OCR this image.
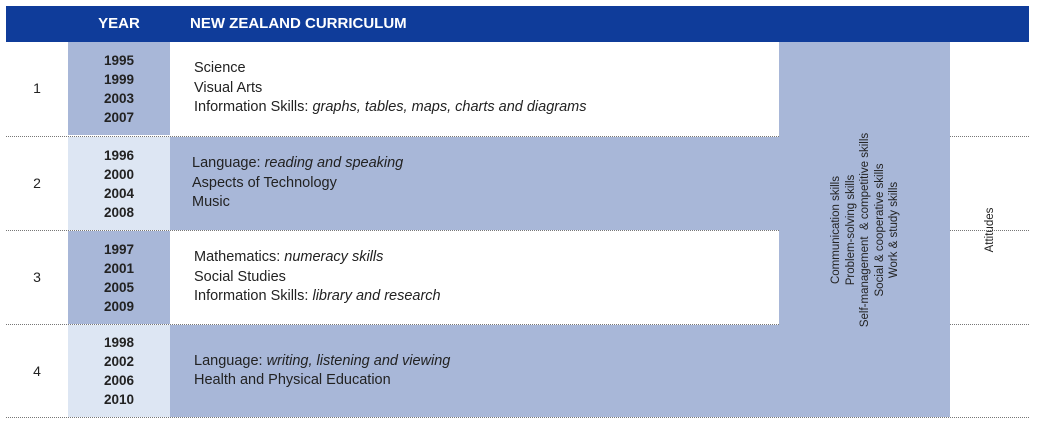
YEAR	NEW ZEALAND CURRICULUM
1
1995
1999
2003
2007
Science
Visual Arts
Information Skills: graphs, tables, maps, charts and diagrams
2
1996
2000
2004
2008
Language: reading and speaking
Aspects of Technology
Music
3
1997
2001
2005
2009
Mathematics: numeracy skills
Social Studies
Information Skills: library and research
4
1998
2002
2006
2010
Language: writing, listening and viewing
Health and Physical Education
Communication skills Problem-solving skills Self-management  & competitive skills Social & cooperative skills Work & study skills	Attitudes
